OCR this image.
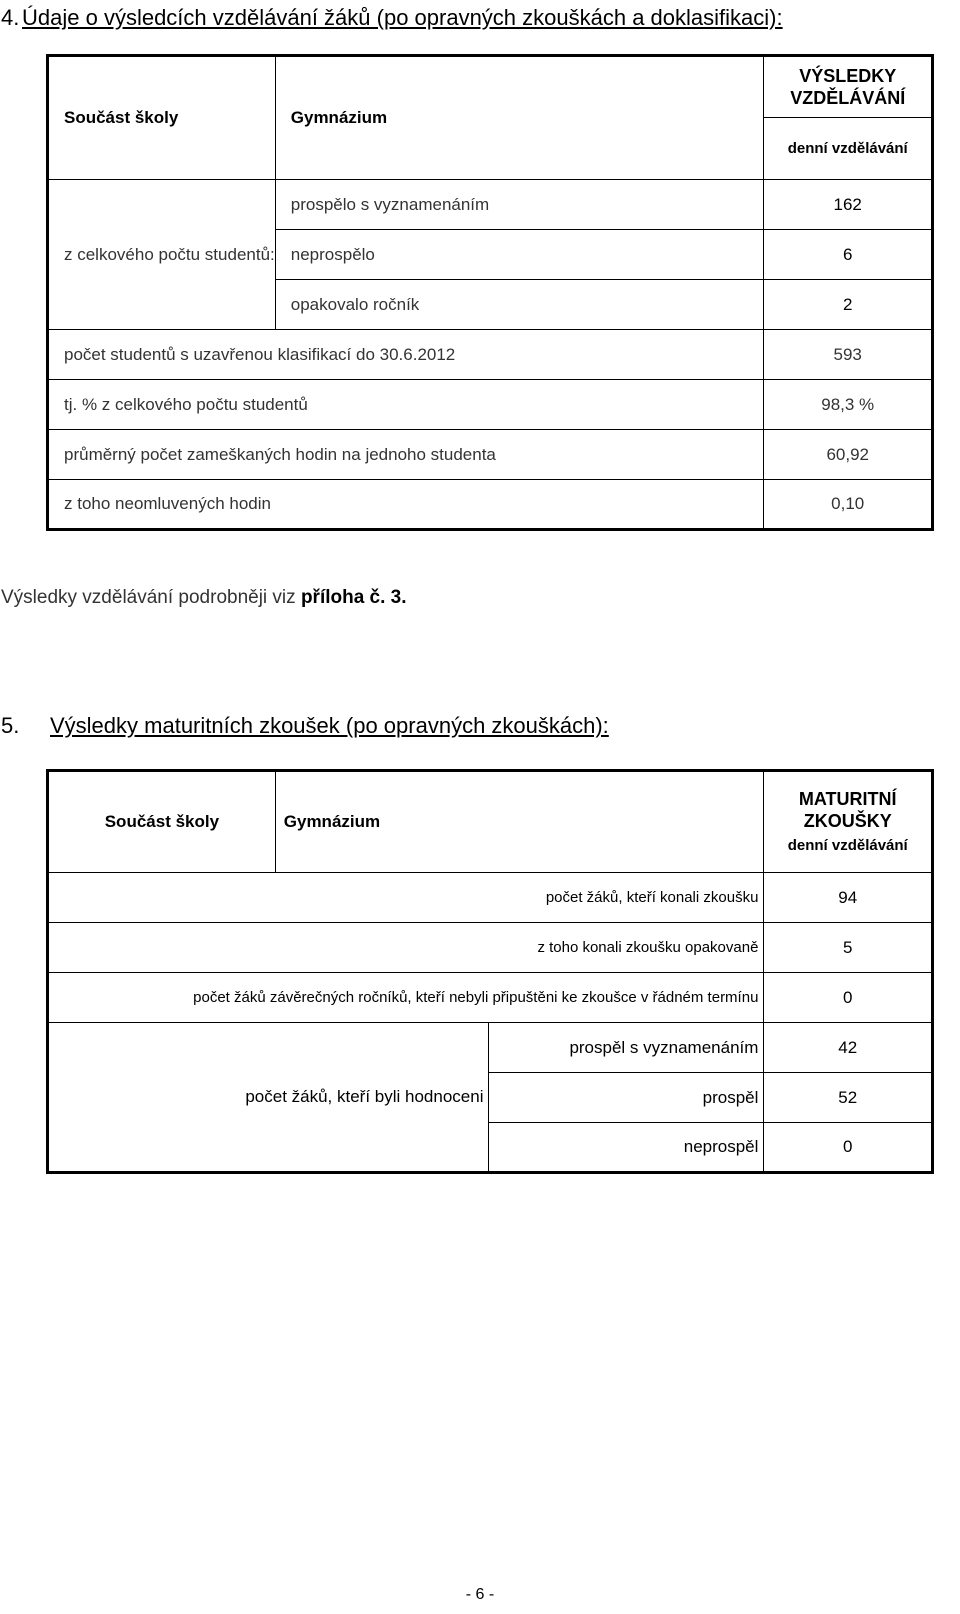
4. Údaje o výsledcích vzdělávání žáků (po opravných zkouškách a doklasifikaci):
Součást školy	Gymnázium	VÝSLEDKY VZDĚLÁVÁNÍ
		denní vzdělávání
z celkového počtu studentů:	prospělo s vyznamenáním	162
	neprospělo	6
	opakovalo ročník	2
počet studentů s uzavřenou klasifikací do 30.6.2012		593
tj. % z celkového počtu studentů		98,3 %
průměrný počet zameškaných hodin na jednoho studenta		60,92
z toho neomluvených hodin		0,10
Výsledky vzdělávání podrobněji viz příloha č. 3.
5. Výsledky maturitních zkoušek (po opravných zkouškách):
Součást školy	Gymnázium		MATURITNÍ ZKOUŠKY
denní vzdělávání

počet žáků, kteří konali zkoušku			94
z toho konali zkoušku opakovaně			5
počet žáků závěrečných ročníků, kteří nebyli připuštěni ke zkoušce v řádném termínu			0
počet žáků, kteří byli hodnoceni		prospěl s vyznamenáním	42
		prospěl	52
		neprospěl	0
- 6 -
